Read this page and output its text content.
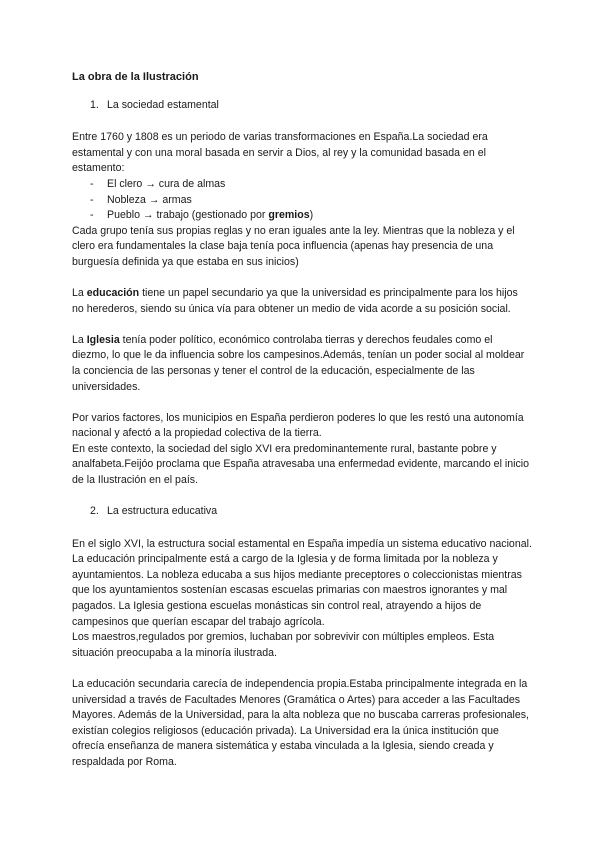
La obra de la Ilustración
1. La sociedad estamental

Entre 1760 y 1808 es un periodo de varias transformaciones en España.La sociedad era estamental y con una moral basada en servir a Dios, al rey y la comunidad basada en el estamento:

- El clero → cura de almas
- Nobleza → armas
- Pueblo → trabajo (gestionado por gremios)

Cada grupo tenía sus propias reglas y no eran iguales ante la ley. Mientras que la nobleza y el clero era fundamentales la clase baja tenía poca influencia (apenas hay presencia de una burguesía definida ya que estaba en sus inicios)

La educación tiene un papel secundario ya que la universidad es principalmente para los hijos no herederos, siendo su única vía para obtener un medio de vida acorde a su posición social.

La Iglesia tenía poder político, económico controlaba tierras y derechos feudales como el diezmo, lo que le da influencia sobre los campesinos.Además, tenían un poder social al moldear la conciencia de las personas y tener el control de la educación, especialmente de las universidades.

Por varios factores, los municipios en España perdieron poderes lo que les restó una autonomía nacional y afectó a la propiedad colectiva de la tierra.

En este contexto, la sociedad del siglo XVI era predominantemente rural, bastante pobre y analfabeta.Feijóo proclama que España atravesaba una enfermedad evidente, marcando el inicio de la Ilustración en el país.

2. La estructura educativa

En el siglo XVI, la estructura social estamental en España impedía un sistema educativo nacional. La educación principalmente está a cargo de la Iglesia y de forma limitada por la nobleza y ayuntamientos. La nobleza educaba a sus hijos mediante preceptores o coleccionistas mientras que los ayuntamientos sostenían escasas escuelas primarias con maestros ignorantes y mal pagados. La Iglesia gestiona escuelas monásticas sin control real, atrayendo a hijos de campesinos que querían escapar del trabajo agrícola.

Los maestros,regulados por gremios, luchaban por sobrevivir con múltiples empleos. Esta situación preocupaba a la minoría ilustrada.

La educación secundaria carecía de independencia propia.Estaba principalmente integrada en la universidad a través de Facultades Menores (Gramática o Artes) para acceder a las Facultades Mayores. Además de la Universidad, para la alta nobleza que no buscaba carreras profesionales, existían colegios religiosos (educación privada). La Universidad era la única institución que ofrecía enseñanza de manera sistemática y estaba vinculada a la Iglesia, siendo creada y respaldada por Roma.
